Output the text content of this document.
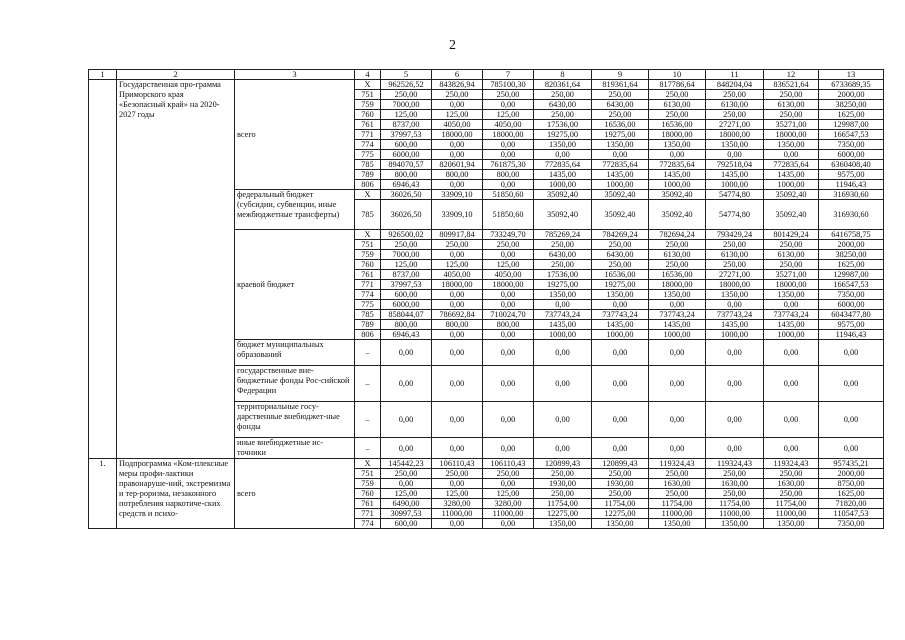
2
1	2	3	4	5	6	7	8	9	10	11	12	13
	Государственная про-грамма Приморского края «Безопасный край» на 2020-2027 годы	всего	X	962526,52	843826,94	785100,30	820361,64	819361,64	817786,64	848204,04	836521,64	6733689,35
			751	250,00	250,00	250,00	250,00	250,00	250,00	250,00	250,00	2000,00
			759	7000,00	0,00	0,00	6430,00	6430,00	6130,00	6130,00	6130,00	38250,00
			760	125,00	125,00	125,00	250,00	250,00	250,00	250,00	250,00	1625,00
			761	8737,00	4050,00	4050,00	17536,00	16536,00	16536,00	27271,00	35271,00	129987,00
			771	37997,53	18000,00	18000,00	19275,00	19275,00	18000,00	18000,00	18000,00	166547,53
			774	600,00	0,00	0,00	1350,00	1350,00	1350,00	1350,00	1350,00	7350,00
			775	6000,00	0,00	0,00	0,00	0,00	0,00	0,00	0,00	6000,00
			785	894070,57	820601,94	761875,30	772835,64	772835,64	772835,64	792518,04	772835,64	6360408,40
			789	800,00	800,00	800,00	1435,00	1435,00	1435,00	1435,00	1435,00	9575,00
			806	6946,43	0,00	0,00	1000,00	1000,00	1000,00	1000,00	1000,00	11946,43
		федеральный бюджет (субсидии, субвенции, иные межбюджетные трансферты)	X	36026,50	33909,10	51850,60	35092,40	35092,40	35092,40	54774,80	35092,40	316930,60
			785	36026,50	33909,10	51850,60	35092,40	35092,40	35092,40	54774,80	35092,40	316930,60
		краевой бюджет	X	926500,02	809917,84	733249,70	785269,24	784269,24	782694,24	793429,24	801429,24	6416758,75
			751	250,00	250,00	250,00	250,00	250,00	250,00	250,00	250,00	2000,00
			759	7000,00	0,00	0,00	6430,00	6430,00	6130,00	6130,00	6130,00	38250,00
			760	125,00	125,00	125,00	250,00	250,00	250,00	250,00	250,00	1625,00
			761	8737,00	4050,00	4050,00	17536,00	16536,00	16536,00	27271,00	35271,00	129987,00
			771	37997,53	18000,00	18000,00	19275,00	19275,00	18000,00	18000,00	18000,00	166547,53
			774	600,00	0,00	0,00	1350,00	1350,00	1350,00	1350,00	1350,00	7350,00
			775	6000,00	0,00	0,00	0,00	0,00	0,00	0,00	0,00	6000,00
			785	858044,07	786692,84	710024,70	737743,24	737743,24	737743,24	737743,24	737743,24	6043477,80
			789	800,00	800,00	800,00	1435,00	1435,00	1435,00	1435,00	1435,00	9575,00
			806	6946,43	0,00	0,00	1000,00	1000,00	1000,00	1000,00	1000,00	11946,43
		бюджет муниципальных образований	–	0,00	0,00	0,00	0,00	0,00	0,00	0,00	0,00	0,00
		государственные вне-бюджетные фонды Рос-сийской Федерации	–	0,00	0,00	0,00	0,00	0,00	0,00	0,00	0,00	0,00
		территориальные госу-дарственные внебюджет-ные фонды	–	0,00	0,00	0,00	0,00	0,00	0,00	0,00	0,00	0,00
		иные внебюджетные ис-точники	–	0,00	0,00	0,00	0,00	0,00	0,00	0,00	0,00	0,00
1.	Подпрограмма «Ком-плексные меры профи-лактики правонаруше-ний, экстремизма и тер-роризма, незаконного потребления наркотиче-ских средств и психо-	всего	X	145442,23	106110,43	106110,43	120899,43	120899,43	119324,43	119324,43	119324,43	957435,21
			751	250,00	250,00	250,00	250,00	250,00	250,00	250,00	250,00	2000,00
			759	0,00	0,00	0,00	1930,00	1930,00	1630,00	1630,00	1630,00	8750,00
			760	125,00	125,00	125,00	250,00	250,00	250,00	250,00	250,00	1625,00
			761	6490,00	3280,00	3280,00	11754,00	11754,00	11754,00	11754,00	11754,00	71820,00
			771	30997,53	11000,00	11000,00	12275,00	12275,00	11000,00	11000,00	11000,00	110547,53
			774	600,00	0,00	0,00	1350,00	1350,00	1350,00	1350,00	1350,00	7350,00
